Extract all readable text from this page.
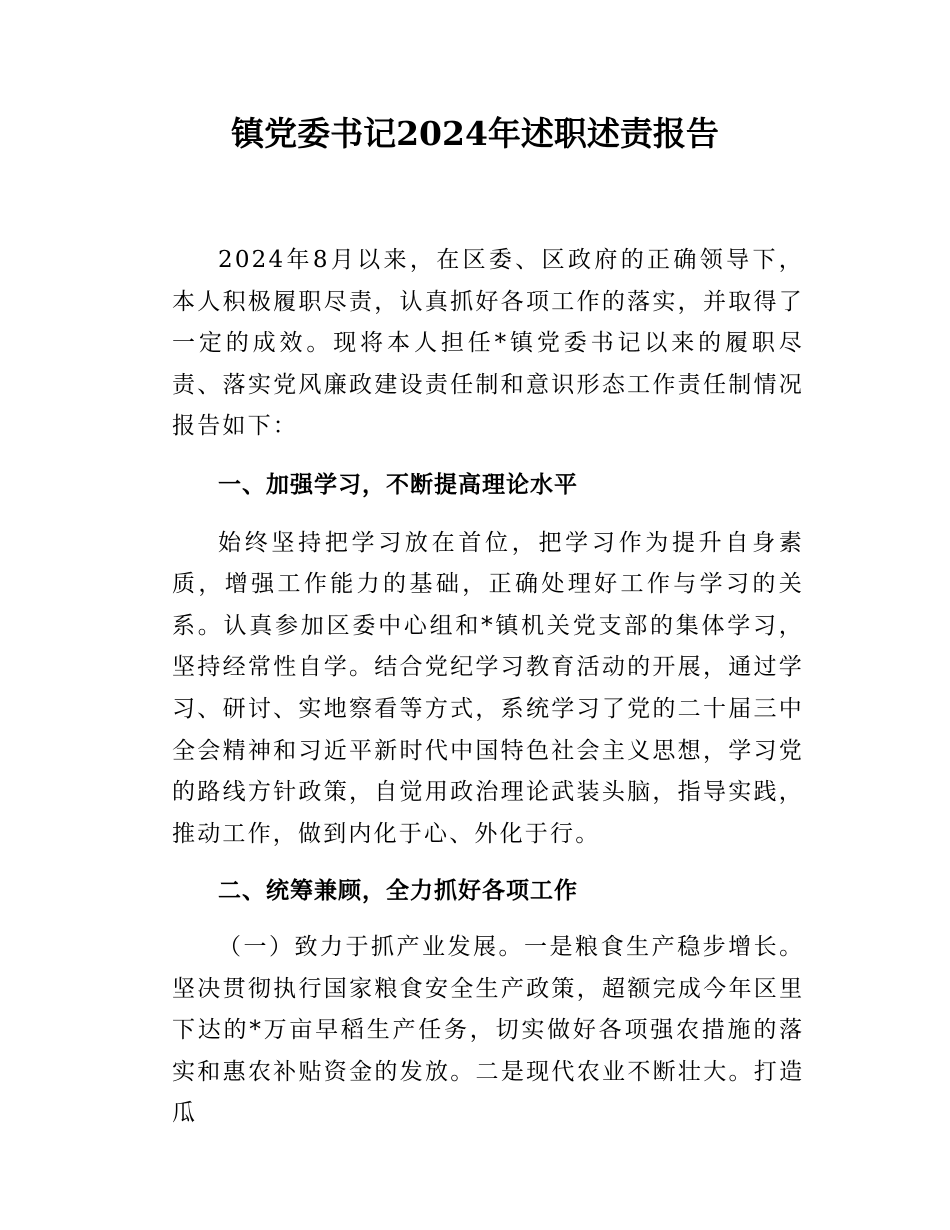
镇党委书记2024年述职述责报告

2024年8月以来，在区委、区政府的正确领导下，本人积极履职尽责，认真抓好各项工作的落实，并取得了一定的成效。现将本人担任*镇党委书记以来的履职尽责、落实党风廉政建设责任制和意识形态工作责任制情况报告如下：

一、加强学习，不断提高理论水平

始终坚持把学习放在首位，把学习作为提升自身素质，增强工作能力的基础，正确处理好工作与学习的关系。认真参加区委中心组和*镇机关党支部的集体学习，坚持经常性自学。结合党纪学习教育活动的开展，通过学习、研讨、实地察看等方式，系统学习了党的二十届三中全会精神和习近平新时代中国特色社会主义思想，学习党的路线方针政策，自觉用政治理论武装头脑，指导实践，推动工作，做到内化于心、外化于行。

二、统筹兼顾，全力抓好各项工作

（一）致力于抓产业发展。一是粮食生产稳步增长。坚决贯彻执行国家粮食安全生产政策，超额完成今年区里下达的*万亩早稻生产任务，切实做好各项强农措施的落实和惠农补贴资金的发放。二是现代农业不断壮大。打造瓜
